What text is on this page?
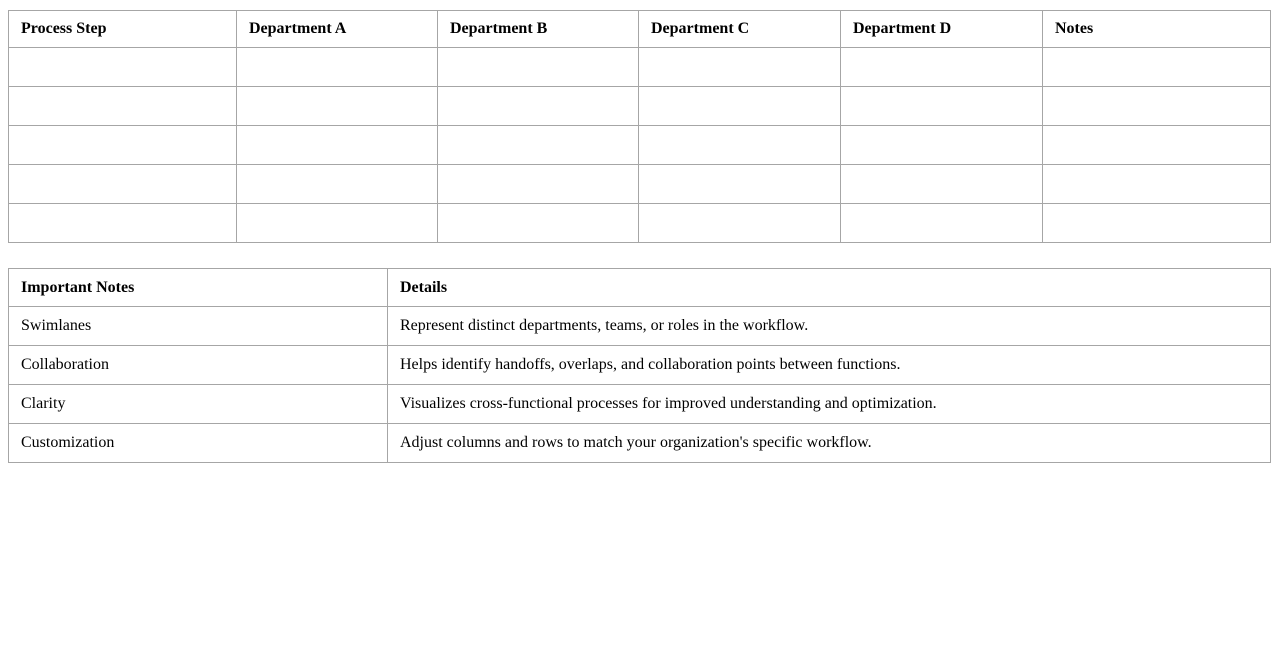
Process Step	Department A	Department B	Department C	Department D	Notes

Important Notes	Details
Swimlanes	Represent distinct departments, teams, or roles in the workflow.
Collaboration	Helps identify handoffs, overlaps, and collaboration points between functions.
Clarity	Visualizes cross-functional processes for improved understanding and optimization.
Customization	Adjust columns and rows to match your organization's specific workflow.
